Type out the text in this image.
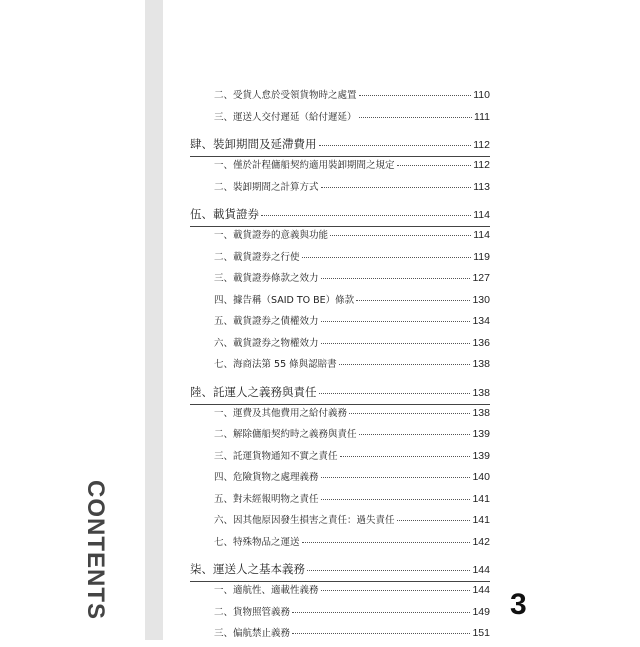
CONTENTS	3
二、受貨人怠於受領貨物時之處置	110
三、運送人交付遲延（給付遲延）	111
肆、裝卸期間及延滯費用	112
一、僅於計程傭船契約適用裝卸期間之規定	112
二、裝卸期間之計算方式	113
伍、載貨證券	114
一、載貨證券的意義與功能	114
二、載貨證券之行使	119
三、載貨證券條款之效力	127
四、據告稱（SAID TO BE）條款	130
五、載貨證券之債權效力	134
六、載貨證券之物權效力	136
七、海商法第 55 條與認賠書	138
陸、託運人之義務與責任	138
一、運費及其他費用之給付義務	138
二、解除傭船契約時之義務與責任	139
三、託運貨物通知不實之責任	139
四、危險貨物之處理義務	140
五、對未經報明物之責任	141
六、因其他原因發生損害之責任：過失責任	141
七、特殊物品之運送	142
柒、運送人之基本義務	144
一、適航性、適載性義務	144
二、貨物照管義務	149
三、偏航禁止義務	151
